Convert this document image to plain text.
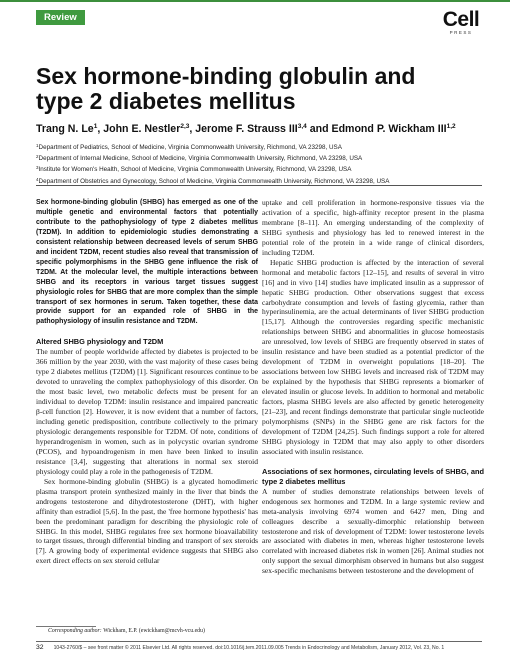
Review	Cell
PRESS
Sex hormone-binding globulin and
type 2 diabetes mellitus
Trang N. Le$^1$, John E. Nestler$^{2,3}$, Jerome F. Strauss III$^{3,4}$ and Edmond P. Wickham III$^{1,2}$
$^1$Department of Pediatrics, School of Medicine, Virginia Commonwealth University, Richmond, VA 23298, USA
$^2$Department of Internal Medicine, School of Medicine, Virginia Commonwealth University, Richmond, VA 23298, USA
$^3$Institute for Women's Health, School of Medicine, Virginia Commonwealth University, Richmond, VA 23298, USA
$^4$Department of Obstetrics and Gynecology, School of Medicine, Virginia Commonwealth University, Richmond, VA 23298, USA

Sex hormone-binding globulin (SHBG) has emerged as one of the multiple genetic and environmental factors that potentially contribute to the pathophysiology of type 2 diabetes mellitus (T2DM). In addition to epidemiologic studies demonstrating a consistent relationship between decreased levels of serum SHBG and incident T2DM, recent studies also reveal that transmission of specific polymorphisms in the SHBG gene influence the risk of T2DM. At the molecular level, the multiple interactions between SHBG and its receptors in various target tissues suggest physiologic roles for SHBG that are more complex than the simple transport of sex hormones in serum. Taken together, these data provide support for an expanded role of SHBG in the pathophysiology of insulin resistance and T2DM.

Altered SHBG physiology and T2DM

The number of people worldwide affected by diabetes is projected to be 366 million by the year 2030, with the vast majority of these cases being type 2 diabetes mellitus (T2DM) [1]. Significant resources continue to be devoted to unraveling the complex pathophysiology of this disorder. On the most basic level, two metabolic defects must be present for an individual to develop T2DM: insulin resistance and impaired pancreatic β-cell function [2]. However, it is now evident that a number of factors, including genetic predisposition, contribute collectively to the primary physiologic derangements responsible for T2DM. Of note, conditions of hyperandrogenism in women, such as in polycystic ovarian syndrome (PCOS), and hypoandrogenism in men have been linked to insulin resistance [3,4], suggesting that alterations in normal sex steroid physiology could play a role in the pathogenesis of T2DM.

Sex hormone-binding globulin (SHBG) is a glycated homodimeric plasma transport protein synthesized mainly in the liver that binds the androgens testosterone and dihydrotestosterone (DHT), with higher affinity than estradiol [5,6]. In the past, the 'free hormone hypothesis' has been the predominant paradigm for describing the physiologic role of SHBG. In this model, SHBG regulates free sex hormone bioavailability to target tissues, through differential binding and transport of sex steroids [7]. A growing body of experimental evidence suggests that SHBG also exert direct effects on sex steroid cellular

uptake and cell proliferation in hormone-responsive tissues via the activation of a specific, high-affinity receptor present in the plasma membrane [8–11]. An emerging understanding of the complexity of SHBG synthesis and physiology has led to renewed interest in the potential role of the protein in a wide range of clinical disorders, including T2DM.

Hepatic SHBG production is affected by the interaction of several hormonal and metabolic factors [12–15], and results of several in vitro [16] and in vivo [14] studies have implicated insulin as a suppressor of hepatic SHBG production. Other observations suggest that excess carbohydrate consumption and levels of fasting glycemia, rather than hyperinsulinemia, are the actual determinants of liver SHBG production [15,17]. Although the controversies regarding specific mechanistic relationships between SHBG and abnormalities in glucose homeostasis are unresolved, low levels of SHBG are frequently observed in states of insulin resistance and have been studied as a potential predictor of the development of T2DM in overweight populations [18–20]. The associations between low SHBG levels and increased risk of T2DM may be explained by the hypothesis that SHBG represents a biomarker of elevated insulin or glucose levels. In addition to hormonal and metabolic factors, plasma SHBG levels are also affected by genetic heterogeneity [21–23], and recent findings demonstrate that particular single nucleotide polymorphisms (SNPs) in the SHBG gene are risk factors for the development of T2DM [24,25]. Such findings support a role for altered SHBG physiology in T2DM that may also apply to other disorders associated with insulin resistance.

Associations of sex hormones, circulating levels of SHBG, and type 2 diabetes mellitus

A number of studies demonstrate relationships between levels of endogenous sex hormones and T2DM. In a large systemic review and meta-analysis involving 6974 women and 6427 men, Ding and colleagues describe a sexually-dimorphic relationship between testosterone and risk of development of T2DM: lower testosterone levels are associated with diabetes in men, whereas higher testosterone levels correlated with increased diabetes risk in women [26]. Animal studies not only support the sexual dimorphism observed in humans but also suggest sex-specific mechanisms between testosterone and the development of

Corresponding author: Wickham, E.P. (ewickham@mcvh-vcu.edu)
32 1043-2760/$ – see front matter © 2011 Elsevier Ltd. All rights reserved. doi:10.1016/j.tem.2011.09.005 Trends in Endocrinology and Metabolism, January 2012, Vol. 23, No. 1
